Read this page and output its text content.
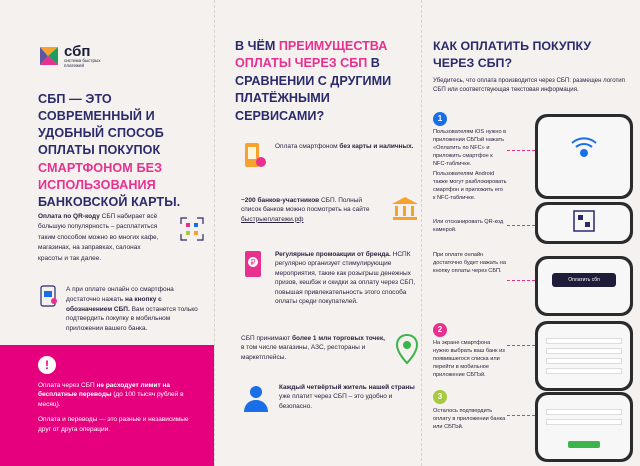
сбп
система быстрых платежей
СБП — ЭТО СОВРЕМЕННЫЙ И УДОБНЫЙ СПОСОБ ОПЛАТЫ ПОКУПОК СМАРТФОНОМ БЕЗ ИСПОЛЬЗОВАНИЯ БАНКОВСКОЙ КАРТЫ.
Оплата по QR-коду СБП набирает всё большую популярность – расплатиться таким способом можно во многих кафе, магазинах, на заправках, салонах красоты и так далее.
А при оплате онлайн со смартфона достаточно нажать на кнопку с обозначением СБП. Вам останется только подтвердить покупку в мобильном приложении вашего банка.
!

Оплата через СБП не расходует лимит на бесплатные переводы (до 100 тысяч рублей в месяц).

Оплата и переводы — это разные и независимые друг от друга операции.

В ЧЁМ ПРЕИМУЩЕСТВА ОПЛАТЫ ЧЕРЕЗ СБП В СРАВНЕНИИ С ДРУГИМИ ПЛАТЁЖНЫМИ СЕРВИСАМИ?
Оплата смартфоном без карты и наличных.
~200 банков-участников СБП. Полный список банков можно посмотреть на сайте быстрыеплатежи.рф
₽
Регулярные промоакции от бренда. НСПК регулярно организует стимулирующие мероприятия, такие как розыгрыш денежных призов, кешбэк и скидки за оплату через СБП, повышая привлекательность этого способа оплаты среди покупателей.
СБП принимают более 1 млн торговых точек, в том числе магазины, АЗС, рестораны и маркетплейсы.
Каждый четвёртый житель нашей страны уже платит через СБП – это удобно и безопасно.
КАК ОПЛАТИТЬ ПОКУПКУ ЧЕРЕЗ СБП?
Убедитесь, что оплата производится через СБП: размещен логотип СБП или соответствующая текстовая информация.
1
Пользователям iOS нужно в приложении СБПэй нажать «Оплатить по NFC» и приложить смартфон к NFC-табличке.
Пользователям Android также могут разблокировать смартфон и приложить его к NFC-табличке.
Или отсканировать QR-код камерой.
При оплате онлайн достаточно будет нажать на кнопку оплаты через СБП.
Оплатить сбп
2
На экране смартфона нужно выбрать ваш банк из появившегося списка или перейти в мобильное приложение СБПэй.
3
Осталось подтвердить оплату в приложении банка или СБПэй.
